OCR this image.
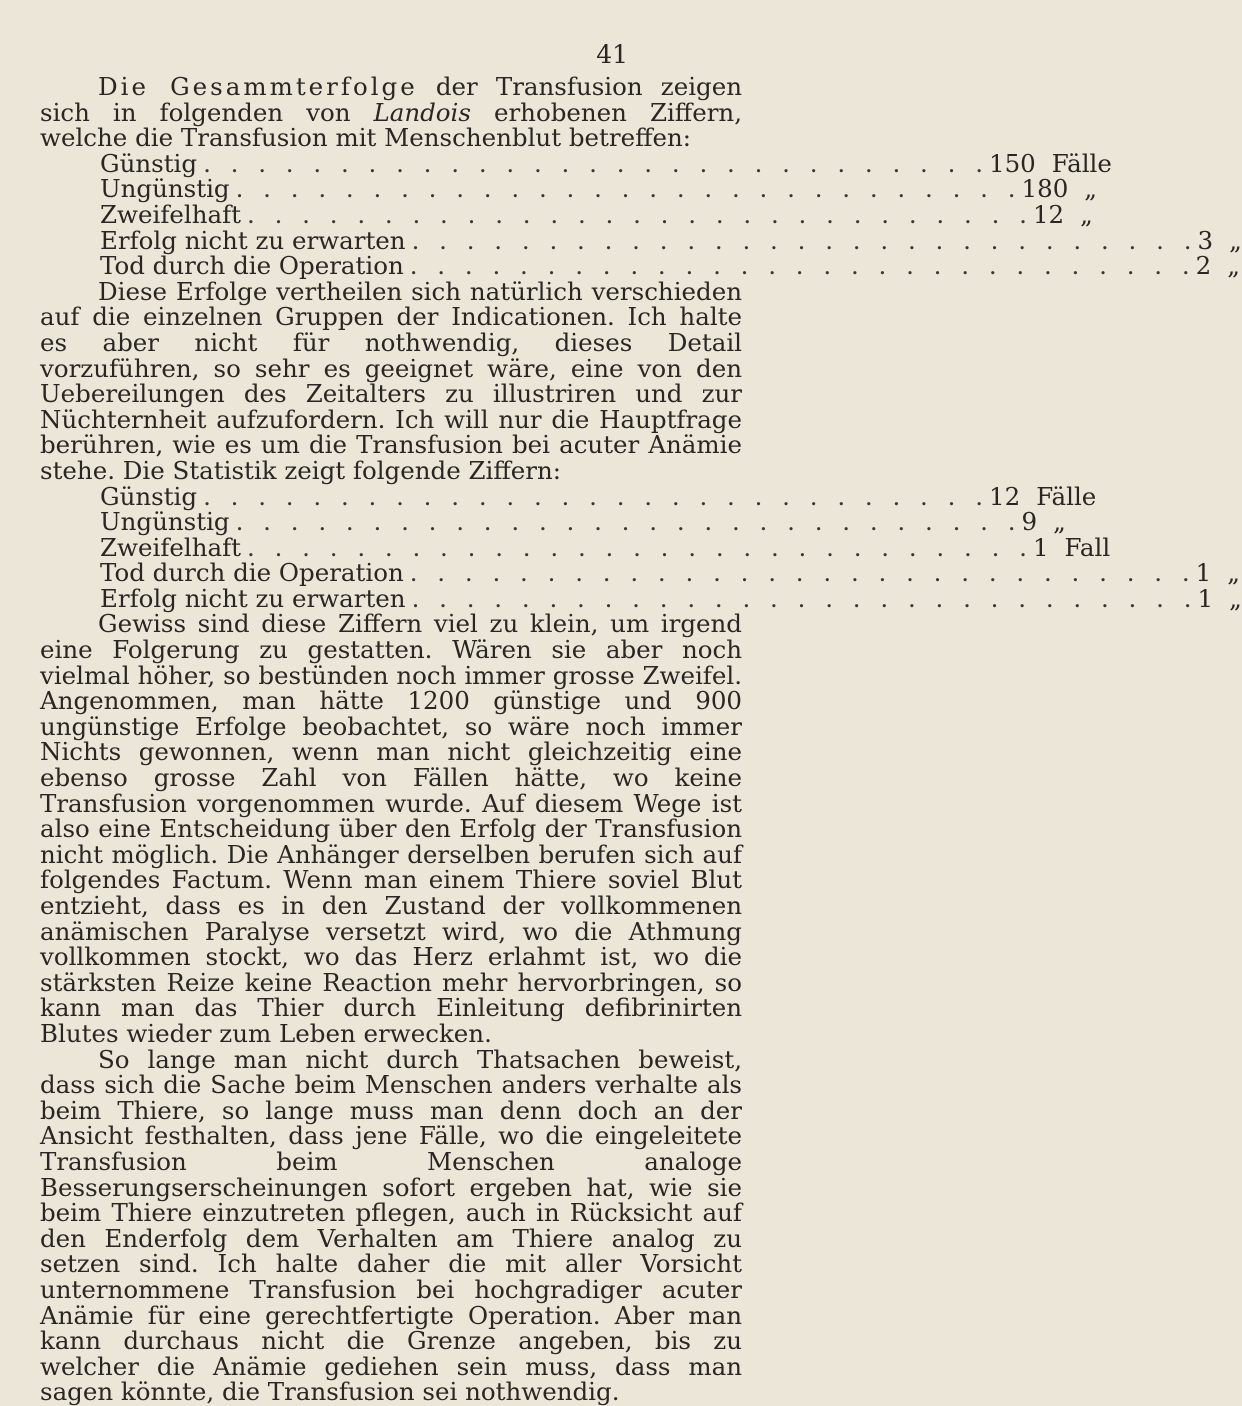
41

Die Gesammterfolge der Transfusion zeigen sich in folgenden von Landois erhobenen Ziffern, welche die Transfusion mit Menschenblut betreffen:

Günstig . . . . . . . . . . . . . . . . . . . . . . . . . . . . . 150 Fälle
Ungünstig . . . . . . . . . . . . . . . . . . . . . . . . . . . . . 180 „
Zweifelhaft . . . . . . . . . . . . . . . . . . . . . . . . . . . . . 12 „
Erfolg nicht zu erwarten . . . . . . . . . . . . . . . . . . . . . . . . . . . . . 3 „
Tod durch die Operation . . . . . . . . . . . . . . . . . . . . . . . . . . . . . 2 „

Diese Erfolge vertheilen sich natürlich verschieden auf die einzelnen Gruppen der Indicationen. Ich halte es aber nicht für nothwendig, dieses Detail vorzuführen, so sehr es geeignet wäre, eine von den Uebereilungen des Zeitalters zu illustriren und zur Nüchternheit aufzufordern. Ich will nur die Hauptfrage berühren, wie es um die Transfusion bei acuter Anämie stehe. Die Statistik zeigt folgende Ziffern:

Günstig . . . . . . . . . . . . . . . . . . . . . . . . . . . . . 12 Fälle
Ungünstig . . . . . . . . . . . . . . . . . . . . . . . . . . . . . 9 „
Zweifelhaft . . . . . . . . . . . . . . . . . . . . . . . . . . . . . 1 Fall
Tod durch die Operation . . . . . . . . . . . . . . . . . . . . . . . . . . . . . 1 „
Erfolg nicht zu erwarten . . . . . . . . . . . . . . . . . . . . . . . . . . . . . 1 „

Gewiss sind diese Ziffern viel zu klein, um irgend eine Folgerung zu gestatten. Wären sie aber noch vielmal höher, so bestünden noch immer grosse Zweifel. Angenommen, man hätte 1200 günstige und 900 ungünstige Erfolge beobachtet, so wäre noch immer Nichts gewonnen, wenn man nicht gleichzeitig eine ebenso grosse Zahl von Fällen hätte, wo keine Transfusion vorgenommen wurde. Auf diesem Wege ist also eine Entscheidung über den Erfolg der Transfusion nicht möglich. Die Anhänger derselben berufen sich auf folgendes Factum. Wenn man einem Thiere soviel Blut entzieht, dass es in den Zustand der vollkommenen anämischen Paralyse versetzt wird, wo die Athmung vollkommen stockt, wo das Herz erlahmt ist, wo die stärksten Reize keine Reaction mehr hervorbringen, so kann man das Thier durch Einleitung defibrinirten Blutes wieder zum Leben erwecken.

So lange man nicht durch Thatsachen beweist, dass sich die Sache beim Menschen anders verhalte als beim Thiere, so lange muss man denn doch an der Ansicht festhalten, dass jene Fälle, wo die eingeleitete Transfusion beim Menschen analoge Besserungserscheinungen sofort ergeben hat, wie sie beim Thiere einzutreten pflegen, auch in Rücksicht auf den Enderfolg dem Verhalten am Thiere analog zu setzen sind. Ich halte daher die mit aller Vorsicht unternommene Transfusion bei hochgradiger acuter Anämie für eine gerechtfertigte Operation. Aber man kann durchaus nicht die Grenze angeben, bis zu welcher die Anämie gediehen sein muss, dass man sagen könnte, die Transfusion sei nothwendig.
